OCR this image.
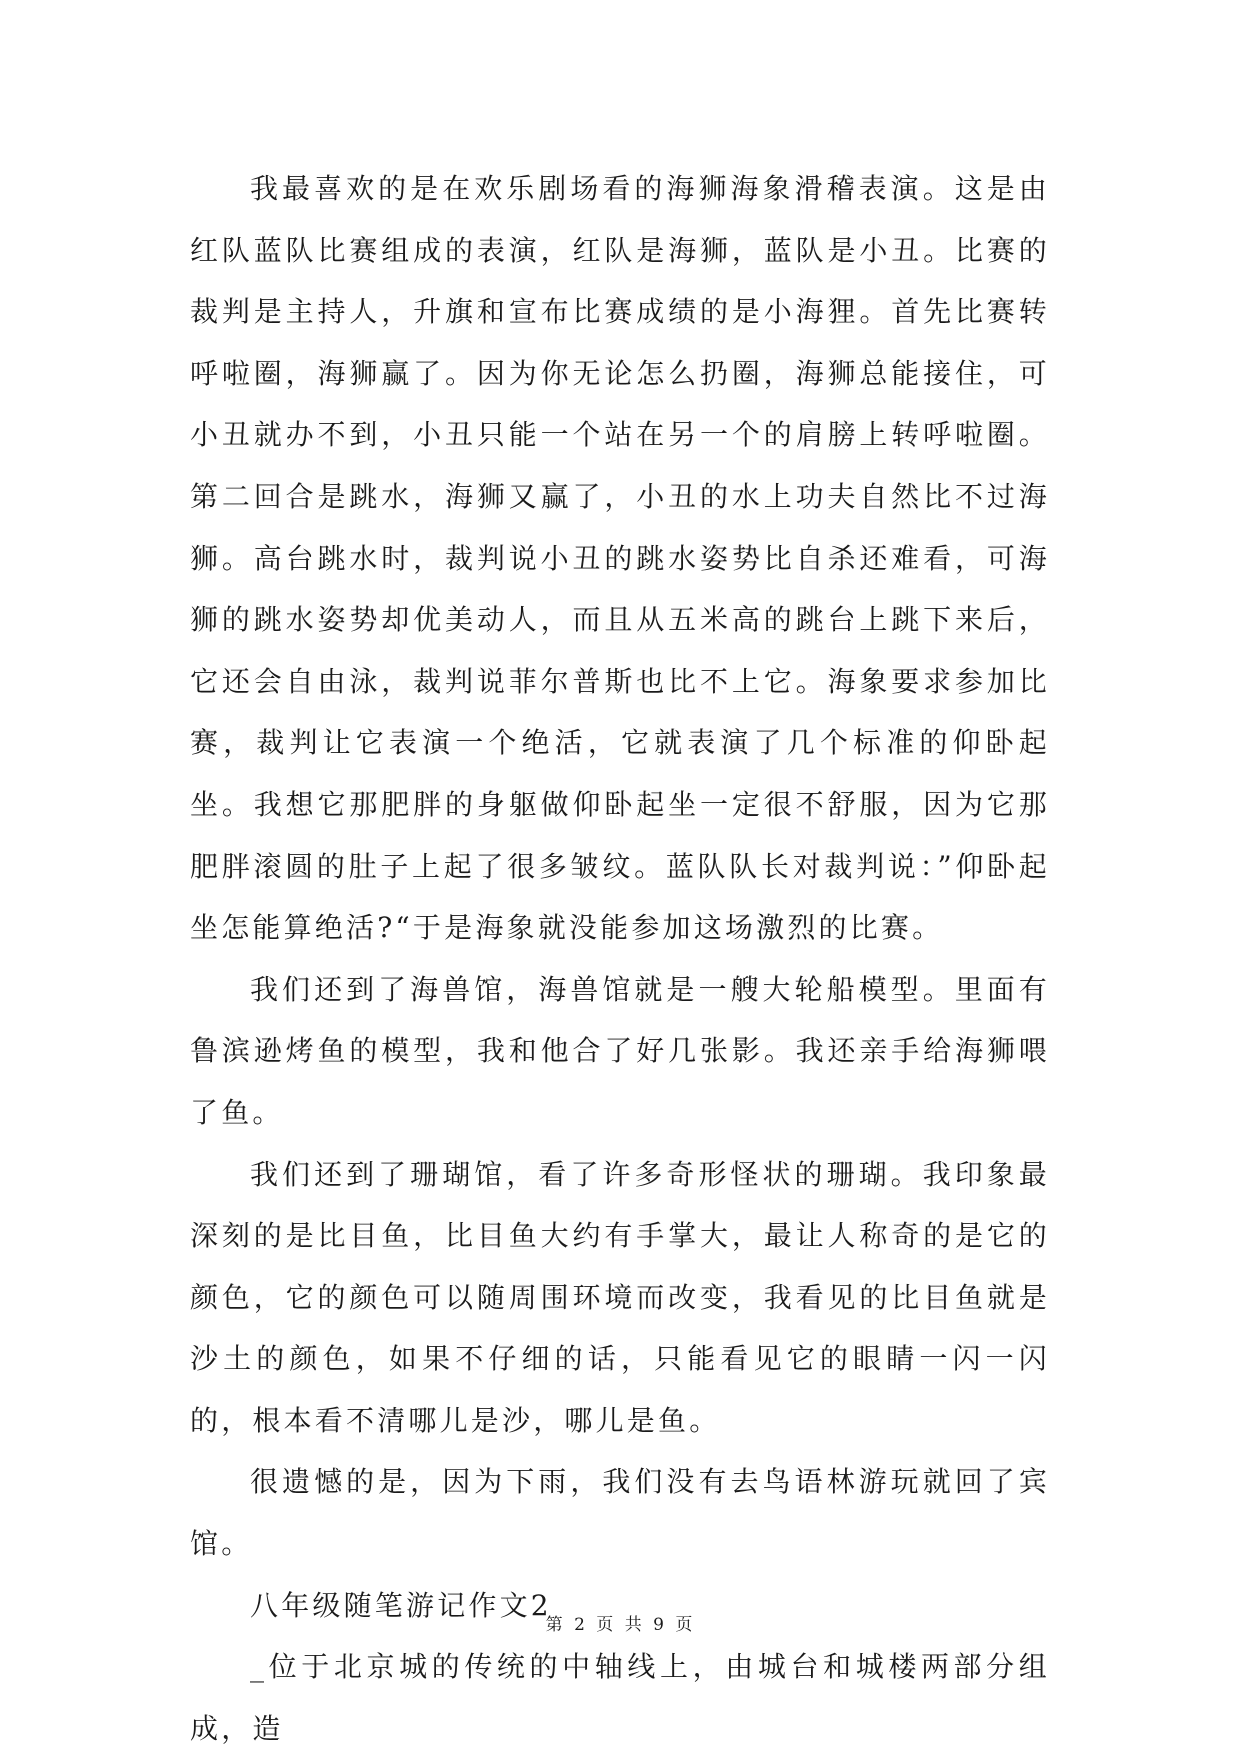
我最喜欢的是在欢乐剧场看的海狮海象滑稽表演。这是由红队蓝队比赛组成的表演，红队是海狮，蓝队是小丑。比赛的裁判是主持人，升旗和宣布比赛成绩的是小海狸。首先比赛转呼啦圈，海狮赢了。因为你无论怎么扔圈，海狮总能接住，可小丑就办不到，小丑只能一个站在另一个的肩膀上转呼啦圈。第二回合是跳水，海狮又赢了，小丑的水上功夫自然比不过海狮。高台跳水时，裁判说小丑的跳水姿势比自杀还难看，可海狮的跳水姿势却优美动人，而且从五米高的跳台上跳下来后，它还会自由泳，裁判说菲尔普斯也比不上它。海象要求参加比赛，裁判让它表演一个绝活，它就表演了几个标准的仰卧起坐。我想它那肥胖的身躯做仰卧起坐一定很不舒服，因为它那肥胖滚圆的肚子上起了很多皱纹。蓝队队长对裁判说：”仰卧起坐怎能算绝活?“于是海象就没能参加这场激烈的比赛。

我们还到了海兽馆，海兽馆就是一艘大轮船模型。里面有鲁滨逊烤鱼的模型，我和他合了好几张影。我还亲手给海狮喂了鱼。

我们还到了珊瑚馆，看了许多奇形怪状的珊瑚。我印象最深刻的是比目鱼，比目鱼大约有手掌大，最让人称奇的是它的颜色，它的颜色可以随周围环境而改变，我看见的比目鱼就是沙土的颜色，如果不仔细的话，只能看见它的眼睛一闪一闪的，根本看不清哪儿是沙，哪儿是鱼。

很遗憾的是，因为下雨，我们没有去鸟语林游玩就回了宾馆。

八年级随笔游记作文2

_位于北京城的传统的中轴线上，由城台和城楼两部分组成，造

第 2 页 共 9 页
